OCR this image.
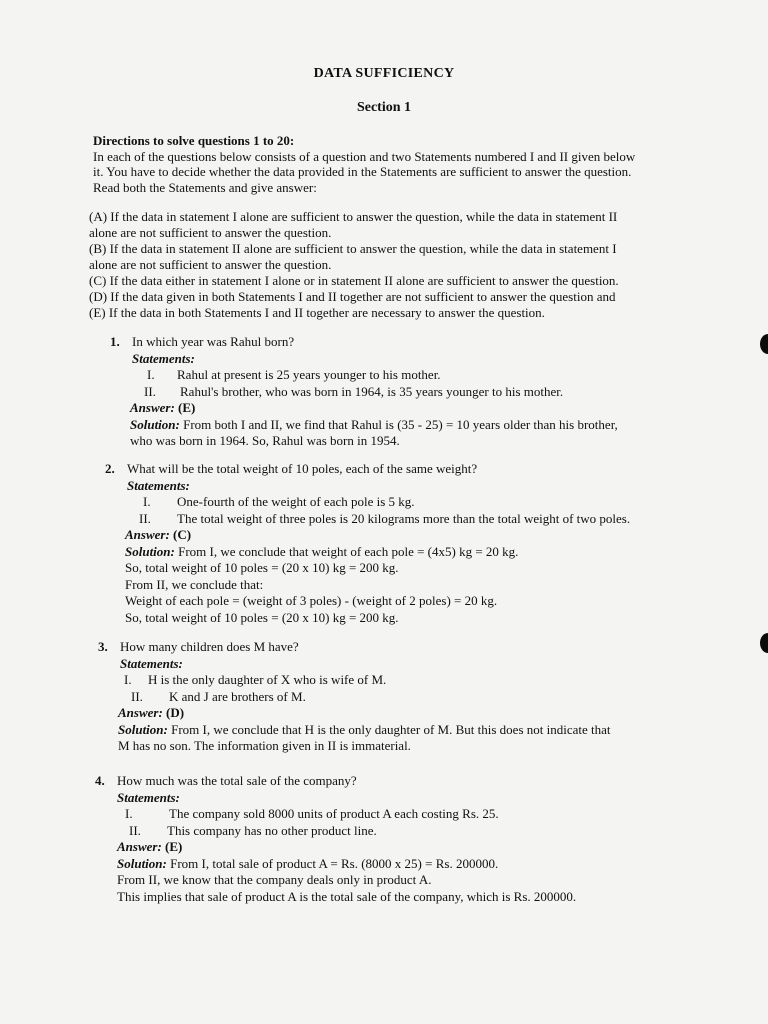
DATA SUFFICIENCY
Section 1
Directions to solve questions 1 to 20:
In each of the questions below consists of a question and two Statements numbered I and II given below
it. You have to decide whether the data provided in the Statements are sufficient to answer the question.
Read both the Statements and give answer:
(A) If the data in statement I alone are sufficient to answer the question, while the data in statement II
alone are not sufficient to answer the question.
(B) If the data in statement II alone are sufficient to answer the question, while the data in statement I
alone are not sufficient to answer the question.
(C) If the data either in statement I alone or in statement II alone are sufficient to answer the question.
(D) If the data given in both Statements I and II together are not sufficient to answer the question and
(E) If the data in both Statements I and II together are necessary to answer the question.
1. In which year was Rahul born?
Statements:
I.	Rahul at present is 25 years younger to his mother.
II.	Rahul's brother, who was born in 1964, is 35 years younger to his mother.
Answer: (E)
Solution: From both I and II, we find that Rahul is (35 - 25) = 10 years older than his brother,
who was born in 1964. So, Rahul was born in 1954.
2. What will be the total weight of 10 poles, each of the same weight?
Statements:
I.	One-fourth of the weight of each pole is 5 kg.
II.	The total weight of three poles is 20 kilograms more than the total weight of two poles.
Answer: (C)
Solution: From I, we conclude that weight of each pole = (4x5) kg = 20 kg.
So, total weight of 10 poles = (20 x 10) kg = 200 kg.
From II, we conclude that:
Weight of each pole = (weight of 3 poles) - (weight of 2 poles) = 20 kg.
So, total weight of 10 poles = (20 x 10) kg = 200 kg.
3. How many children does M have?
Statements:
I.	H is the only daughter of X who is wife of M.
II.	K and J are brothers of M.
Answer: (D)
Solution: From I, we conclude that H is the only daughter of M. But this does not indicate that
M has no son. The information given in II is immaterial.
4. How much was the total sale of the company?
Statements:
I.	The company sold 8000 units of product A each costing Rs. 25.
II.	This company has no other product line.
Answer: (E)
Solution: From I, total sale of product A = Rs. (8000 x 25) = Rs. 200000.
From II, we know that the company deals only in product A.
This implies that sale of product A is the total sale of the company, which is Rs. 200000.
